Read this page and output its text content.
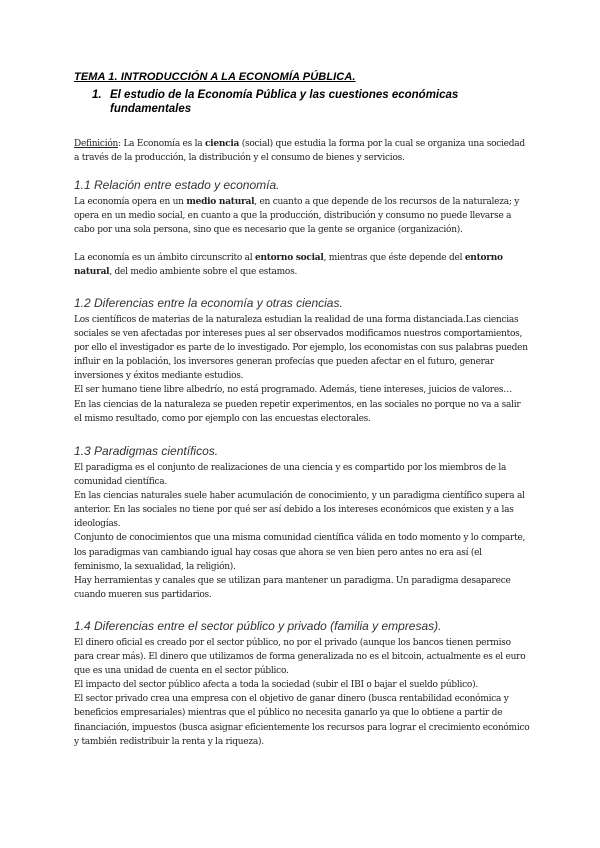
TEMA 1. INTRODUCCIÓN A LA ECONOMÍA PÚBLICA.
1. El estudio de la Economía Pública y las cuestiones económicas fundamentales

Definición: La Economía es la ciencia (social) que estudia la forma por la cual se organiza una sociedad a través de la producción, la distribución y el consumo de bienes y servicios.

1.1 Relación entre estado y economía.

La economía opera en un medio natural, en cuanto a que depende de los recursos de la naturaleza; y opera en un medio social, en cuanto a que la producción, distribución y consumo no puede llevarse a cabo por una sola persona, sino que es necesario que la gente se organice (organización).

La economía es un ámbito circunscrito al entorno social, mientras que éste depende del entorno natural, del medio ambiente sobre el que estamos.

1.2 Diferencias entre la economía y otras ciencias.

Los científicos de materias de la naturaleza estudian la realidad de una forma distanciada.Las ciencias sociales se ven afectadas por intereses pues al ser observados modificamos nuestros comportamientos, por ello el investigador es parte de lo investigado. Por ejemplo, los economistas con sus palabras pueden influir en la población, los inversores generan profecías que pueden afectar en el futuro, generar inversiones y éxitos mediante estudios.

El ser humano tiene libre albedrío, no está programado. Además, tiene intereses, juicios de valores…

En las ciencias de la naturaleza se pueden repetir experimentos, en las sociales no porque no va a salir el mismo resultado, como por ejemplo con las encuestas electorales.

1.3 Paradigmas científicos.

El paradigma es el conjunto de realizaciones de una ciencia y es compartido por los miembros de la comunidad científica.

En las ciencias naturales suele haber acumulación de conocimiento, y un paradigma científico supera al anterior. En las sociales no tiene por qué ser así debido a los intereses económicos que existen y a las ideologías.

Conjunto de conocimientos que una misma comunidad científica válida en todo momento y lo comparte, los paradigmas van cambiando igual hay cosas que ahora se ven bien pero antes no era así (el feminismo, la sexualidad, la religión).

Hay herramientas y canales que se utilizan para mantener un paradigma. Un paradigma desaparece cuando mueren sus partidarios.

1.4 Diferencias entre el sector público y privado (familia y empresas).

El dinero oficial es creado por el sector público, no por el privado (aunque los bancos tienen permiso para crear más). El dinero que utilizamos de forma generalizada no es el bitcoin, actualmente es el euro que es una unidad de cuenta en el sector público.

El impacto del sector público afecta a toda la sociedad (subir el IBI o bajar el sueldo público).

El sector privado crea una empresa con el objetivo de ganar dinero (busca rentabilidad económica y beneficios empresariales) mientras que el público no necesita ganarlo ya que lo obtiene a partir de financiación, impuestos (busca asignar eficientemente los recursos para lograr el crecimiento económico y también redistribuir la renta y la riqueza).
